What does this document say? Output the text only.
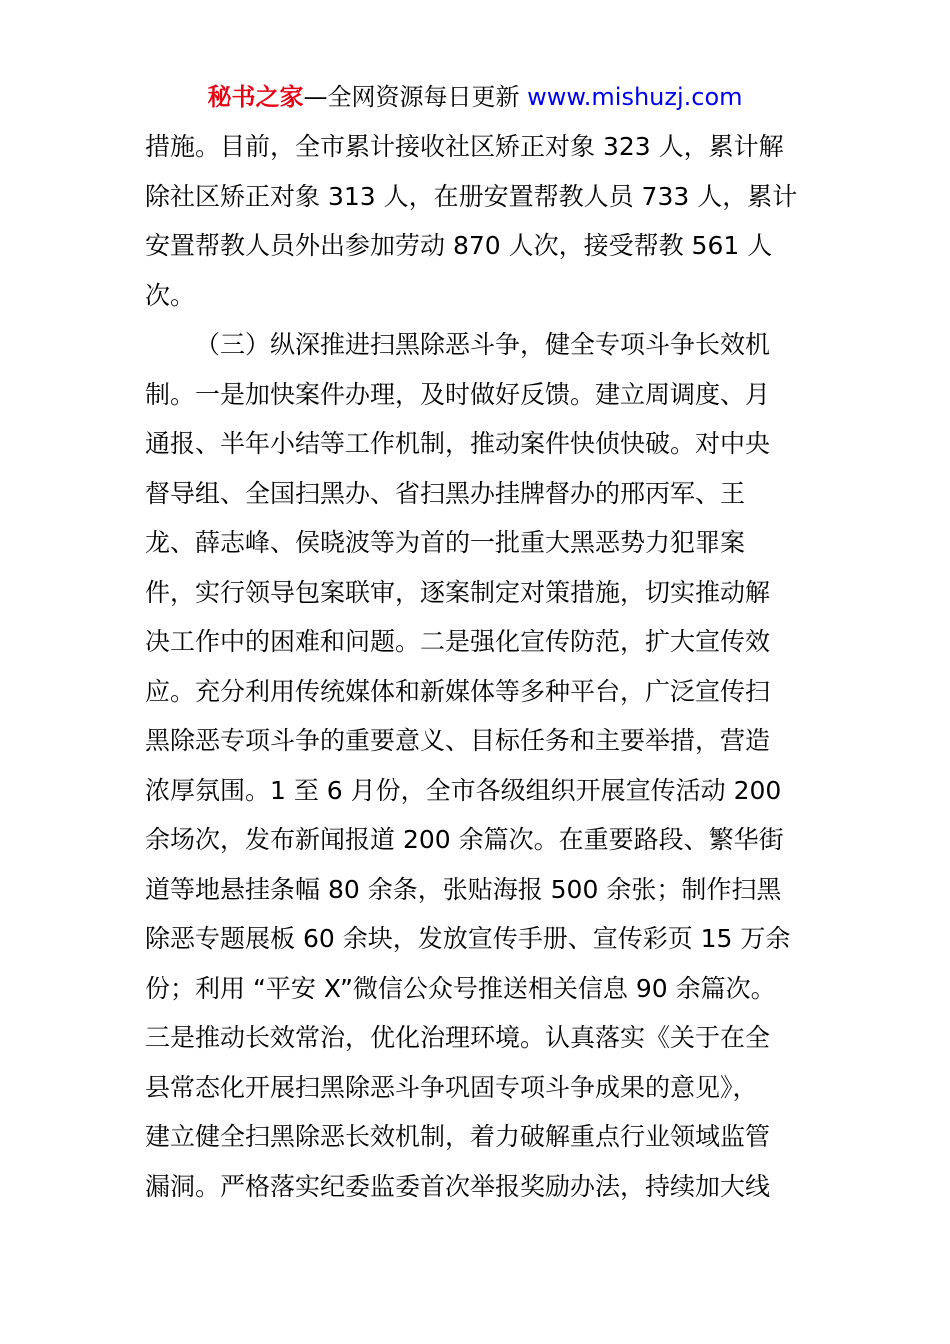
秘书之家—全网资源每日更新 www.mishuzj.com
措施。目前，全市累计接收社区矫正对象 323 人，累计解
除社区矫正对象 313 人，在册安置帮教人员 733 人，累计
安置帮教人员外出参加劳动 870 人次，接受帮教 561 人
次。
（三）纵深推进扫黑除恶斗争，健全专项斗争长效机
制。一是加快案件办理，及时做好反馈。建立周调度、月
通报、半年小结等工作机制，推动案件快侦快破。对中央
督导组、全国扫黑办、省扫黑办挂牌督办的邢丙军、王
龙、薛志峰、侯晓波等为首的一批重大黑恶势力犯罪案
件，实行领导包案联审，逐案制定对策措施，切实推动解
决工作中的困难和问题。二是强化宣传防范，扩大宣传效
应。充分利用传统媒体和新媒体等多种平台，广泛宣传扫
黑除恶专项斗争的重要意义、目标任务和主要举措，营造
浓厚氛围。1 至 6 月份，全市各级组织开展宣传活动 200
余场次，发布新闻报道 200 余篇次。在重要路段、繁华街
道等地悬挂条幅 80 余条，张贴海报 500 余张；制作扫黑
除恶专题展板 60 余块，发放宣传手册、宣传彩页 15 万余
份；利用 “平安 X”微信公众号推送相关信息 90 余篇次。
三是推动长效常治，优化治理环境。认真落实《关于在全
县常态化开展扫黑除恶斗争巩固专项斗争成果的意见》，
建立健全扫黑除恶长效机制，着力破解重点行业领域监管
漏洞。严格落实纪委监委首次举报奖励办法，持续加大线
